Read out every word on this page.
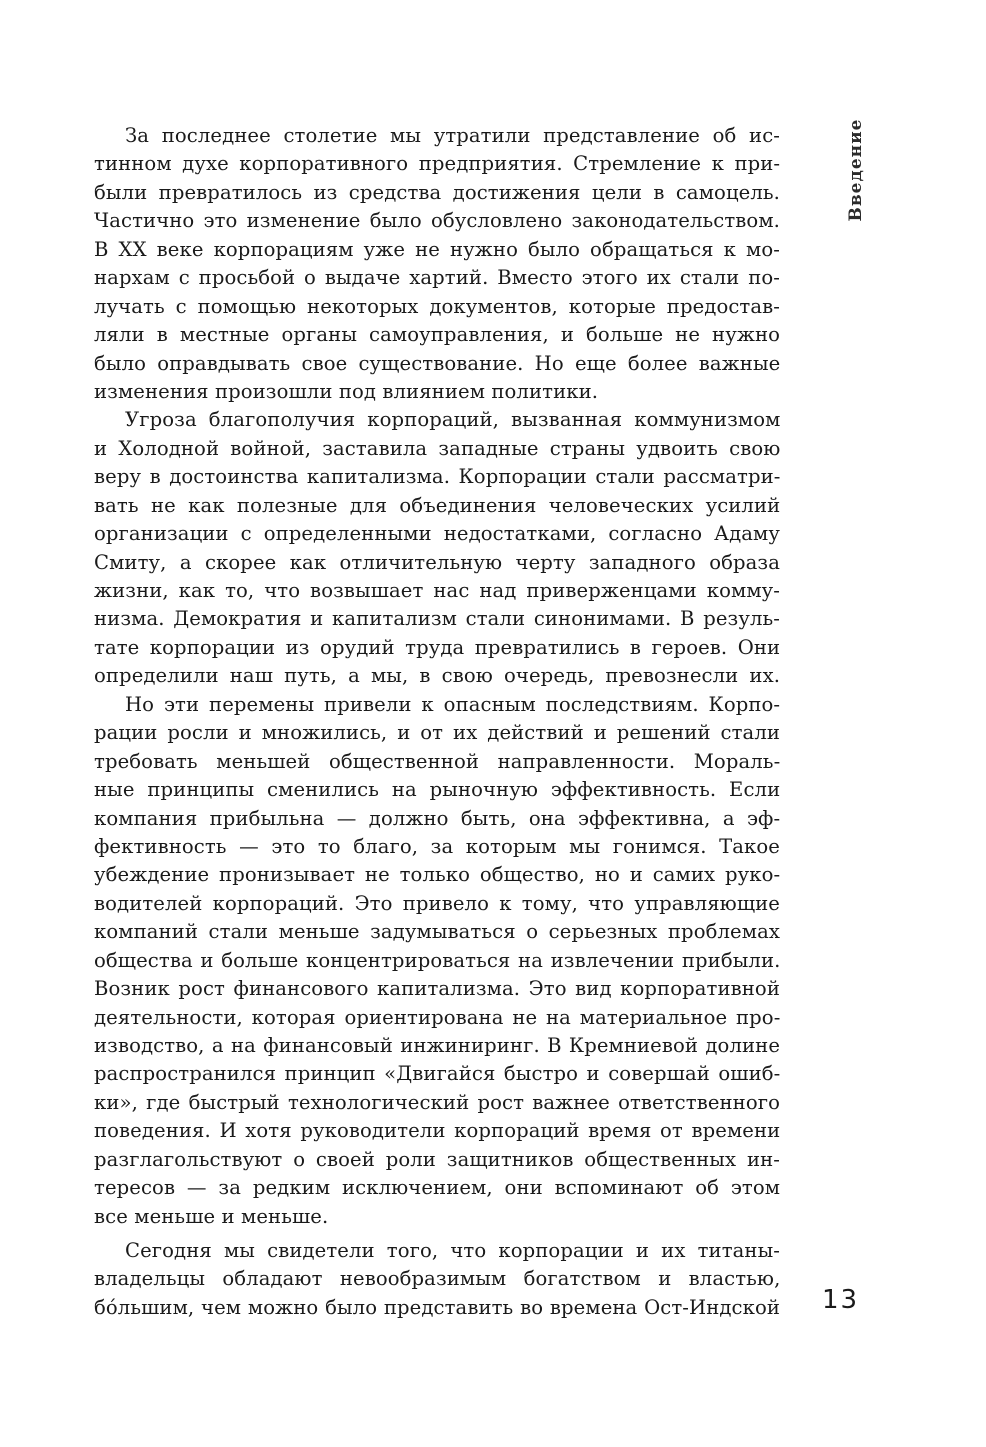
Введение
За последнее столетие мы утратили представление об ис-
тинном духе корпоративного предприятия. Стремление к при-
были превратилось из средства достижения цели в самоцель.
Частично это изменение было обусловлено законодательством.
В XX веке корпорациям уже не нужно было обращаться к мо-
нархам с просьбой о выдаче хартий. Вместо этого их стали по-
лучать с помощью некоторых документов, которые предостав-
ляли в местные органы самоуправления, и больше не нужно
было оправдывать свое существование. Но еще более важные
изменения произошли под влиянием политики.
Угроза благополучия корпораций, вызванная коммунизмом
и Холодной войной, заставила западные страны удвоить свою
веру в достоинства капитализма. Корпорации стали рассматри-
вать не как полезные для объединения человеческих усилий
организации с определенными недостатками, согласно Адаму
Смиту, а скорее как отличительную черту западного образа
жизни, как то, что возвышает нас над приверженцами комму-
низма. Демократия и капитализм стали синонимами. В резуль-
тате корпорации из орудий труда превратились в героев. Они
определили наш путь, а мы, в свою очередь, превознесли их.
Но эти перемены привели к опасным последствиям. Корпо-
рации росли и множились, и от их действий и решений стали
требовать меньшей общественной направленности. Мораль-
ные принципы сменились на рыночную эффективность. Если
компания прибыльна — должно быть, она эффективна, а эф-
фективность — это то благо, за которым мы гонимся. Такое
убеждение пронизывает не только общество, но и самих руко-
водителей корпораций. Это привело к тому, что управляющие
компаний стали меньше задумываться о серьезных проблемах
общества и больше концентрироваться на извлечении прибыли.
Возник рост финансового капитализма. Это вид корпоративной
деятельности, которая ориентирована не на материальное про-
изводство, а на финансовый инжиниринг. В Кремниевой долине
распространился принцип «Двигайся быстро и совершай ошиб-
ки», где быстрый технологический рост важнее ответственного
поведения. И хотя руководители корпораций время от времени
разглагольствуют о своей роли защитников общественных ин-
тересов — за редким исключением, они вспоминают об этом
все меньше и меньше.
Сегодня мы свидетели того, что корпорации и их титаны-
владельцы обладают невообразимым богатством и властью,
бо́льшим, чем можно было представить во времена Ост-Индской 13
